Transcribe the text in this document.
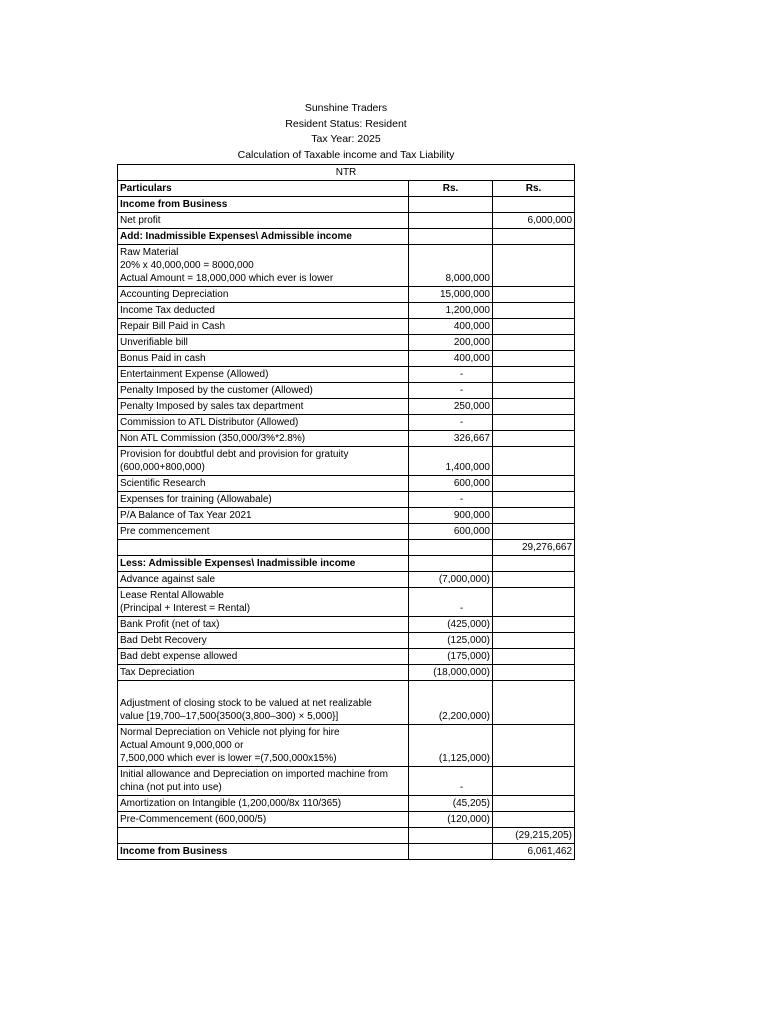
Sunshine Traders
Resident Status: Resident
Tax Year: 2025
Calculation of Taxable income and Tax Liability
NTR		
Particulars	Rs.	Rs.
Income from Business		
Net profit		6,000,000
Add: Inadmissible Expenses\ Admissible income		

Raw Material
20% x 40,000,000 = 8000,000
Actual Amount = 18,000,000 which ever is lower	8,000,000	
Accounting Depreciation	15,000,000	
Income Tax deducted	1,200,000	
Repair Bill Paid in Cash	400,000	
Unverifiable bill	200,000	
Bonus Paid in cash	400,000	
Entertainment Expense (Allowed)	-	
Penalty Imposed by the customer (Allowed)	-	
Penalty Imposed by sales tax department	250,000	
Commission to ATL Distributor (Allowed)	-	
Non ATL Commission (350,000/3%*2.8%)	326,667	

Provision for doubtful debt and provision for gratuity
(600,000+800,000)	1,400,000	
Scientific Research	600,000	
Expenses for training (Allowabale)	-	
P/A Balance of Tax Year 2021	900,000	
Pre commencement	600,000	
		29,276,667
Less: Admissible Expenses\ Inadmissible income		
Advance against sale	(7,000,000)	

Lease Rental Allowable
(Principal + Interest = Rental)	-	
Bank Profit (net of tax)	(425,000)	
Bad Debt Recovery	(125,000)	
Bad debt expense allowed	(175,000)	
Tax Depreciation	(18,000,000)	

Adjustment of closing stock to be valued at net realizable
value [19,700–17,500{3500(3,800–300) × 5,000}]	(2,200,000)	

Normal Depreciation on Vehicle not plying for hire
Actual Amount 9,000,000 or
7,500,000 which ever is lower =(7,500,000x15%)	(1,125,000)	

Initial allowance and Depreciation on imported machine from
china (not put into use)	-	
Amortization on Intangible (1,200,000/8x 110/365)	(45,205)	
Pre-Commencement (600,000/5)	(120,000)	
		(29,215,205)
Income from Business		6,061,462
